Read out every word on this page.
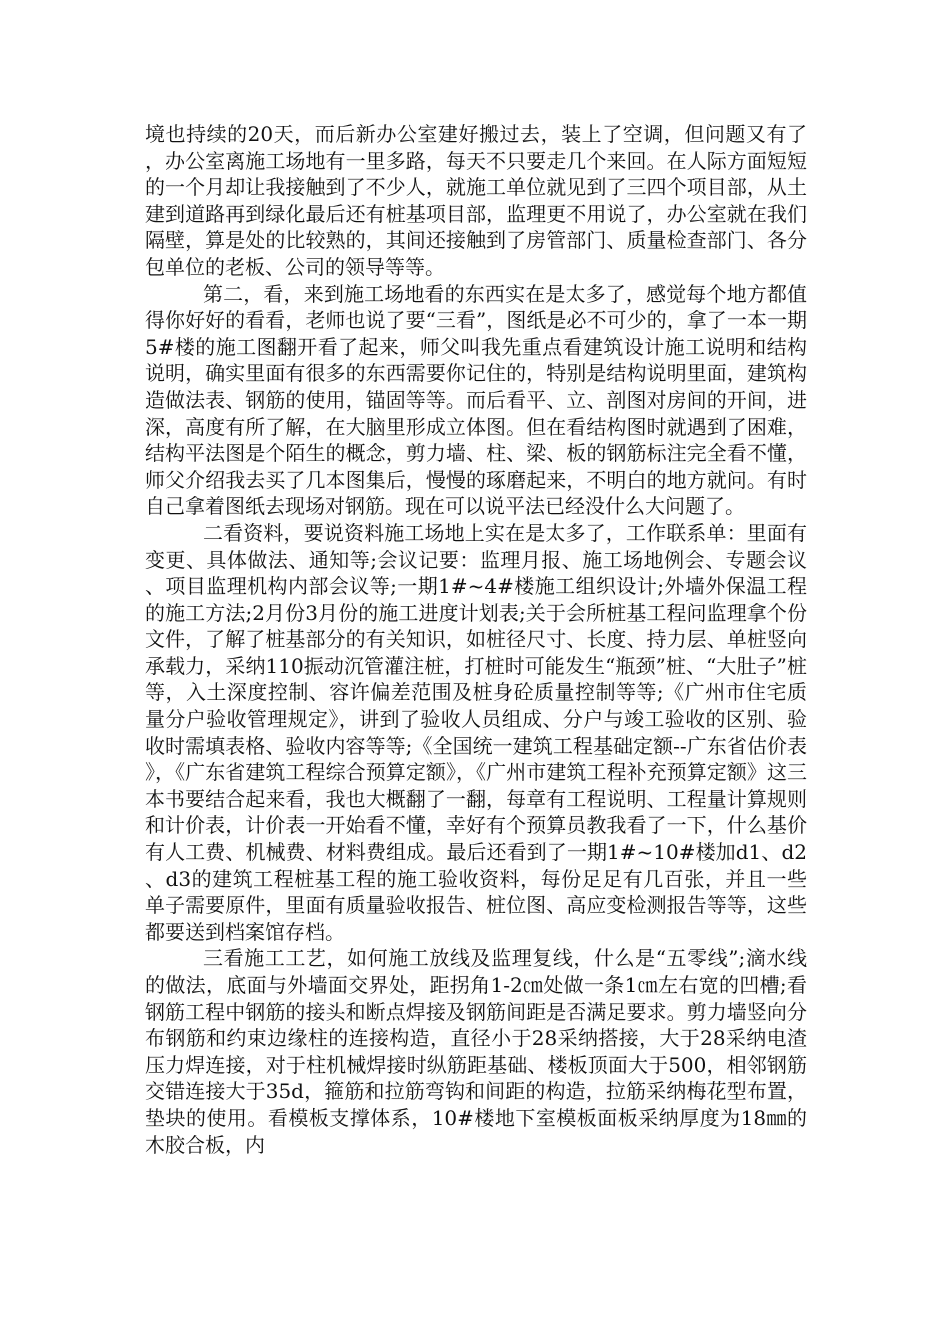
境也持续的20天，而后新办公室建好搬过去，装上了空调，但问题又有了，办公室离施工场地有一里多路，每天不只要走几个来回。在人际方面短短的一个月却让我接触到了不少人，就施工单位就见到了三四个项目部，从土建到道路再到绿化最后还有桩基项目部，监理更不用说了，办公室就在我们隔壁，算是处的比较熟的，其间还接触到了房管部门、质量检查部门、各分包单位的老板、公司的领导等等。

第二，看，来到施工场地看的东西实在是太多了，感觉每个地方都值得你好好的看看，老师也说了要“三看”，图纸是必不可少的，拿了一本一期5#楼的施工图翻开看了起来，师父叫我先重点看建筑设计施工说明和结构说明，确实里面有很多的东西需要你记住的，特别是结构说明里面，建筑构造做法表、钢筋的使用，锚固等等。而后看平、立、剖图对房间的开间，进深，高度有所了解，在大脑里形成立体图。但在看结构图时就遇到了困难，结构平法图是个陌生的概念，剪力墙、柱、梁、板的钢筋标注完全看不懂，师父介绍我去买了几本图集后，慢慢的琢磨起来，不明白的地方就问。有时自己拿着图纸去现场对钢筋。现在可以说平法已经没什么大问题了。

二看资料，要说资料施工场地上实在是太多了，工作联系单：里面有变更、具体做法、通知等;会议记要：监理月报、施工场地例会、专题会议、项目监理机构内部会议等;一期1#~4#楼施工组织设计;外墙外保温工程的施工方法;2月份3月份的施工进度计划表;关于会所桩基工程问监理拿个份文件，了解了桩基部分的有关知识，如桩径尺寸、长度、持力层、单桩竖向承载力，采纳110振动沉管灌注桩，打桩时可能发生“瓶颈”桩、“大肚子”桩等，入土深度控制、容许偏差范围及桩身砼质量控制等等;《广州市住宅质量分户验收管理规定》，讲到了验收人员组成、分户与竣工验收的区别、验收时需填表格、验收内容等等;《全国统一建筑工程基础定额--广东省估价表》，《广东省建筑工程综合预算定额》，《广州市建筑工程补充预算定额》这三本书要结合起来看，我也大概翻了一翻，每章有工程说明、工程量计算规则和计价表，计价表一开始看不懂，幸好有个预算员教我看了一下，什么基价有人工费、机械费、材料费组成。最后还看到了一期1#~10#楼加d1、d2、d3的建筑工程桩基工程的施工验收资料，每份足足有几百张，并且一些单子需要原件，里面有质量验收报告、桩位图、高应变检测报告等等，这些都要送到档案馆存档。

三看施工工艺，如何施工放线及监理复线，什么是“五零线”;滴水线的做法，底面与外墙面交界处，距拐角1-2㎝处做一条1㎝左右宽的凹槽;看钢筋工程中钢筋的接头和断点焊接及钢筋间距是否满足要求。剪力墙竖向分布钢筋和约束边缘柱的连接构造，直径小于28采纳搭接，大于28采纳电渣压力焊连接，对于柱机械焊接时纵筋距基础、楼板顶面大于500，相邻钢筋交错连接大于35d，箍筋和拉筋弯钩和间距的构造，拉筋采纳梅花型布置，垫块的使用。看模板支撑体系，10#楼地下室模板面板采纳厚度为18㎜的木胶合板，内
